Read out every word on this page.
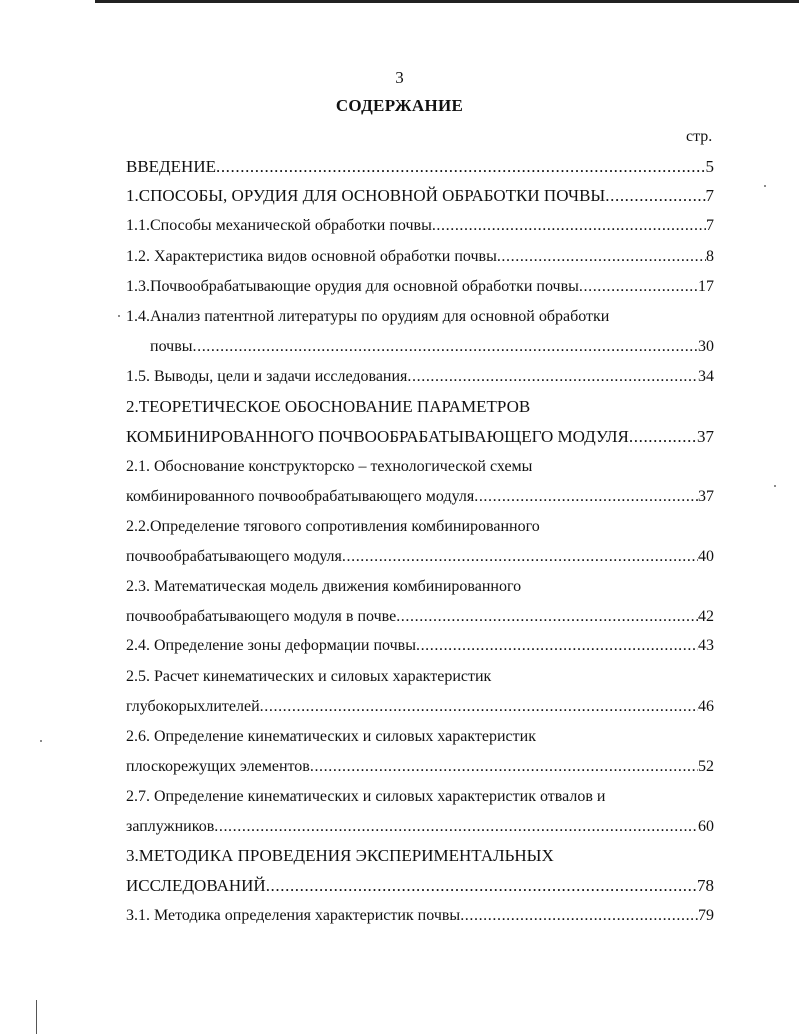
3
СОДЕРЖАНИЕ
стр.
ВВЕДЕНИЕ .....	5
1.СПОСОБЫ, ОРУДИЯ ДЛЯ ОСНОВНОЙ ОБРАБОТКИ ПОЧВЫ .....	7
1.1.Способы механической обработки почвы .....	7
1.2. Характеристика видов основной обработки почвы .....	8
1.3.Почвообрабатывающие орудия для основной обработки почвы .....	17
1.4.Анализ патентной литературы по орудиям для основной обработки
почвы .....	30
1.5. Выводы, цели и задачи исследования .....	34
2.ТЕОРЕТИЧЕСКОЕ ОБОСНОВАНИЕ ПАРАМЕТРОВ
КОМБИНИРОВАННОГО ПОЧВООБРАБАТЫВАЮЩЕГО МОДУЛЯ .....	37
2.1. Обоснование конструкторско – технологической схемы
комбинированного почвообрабатывающего модуля .....	37
2.2.Определение тягового сопротивления комбинированного
почвообрабатывающего модуля .....	40
2.3. Математическая модель движения комбинированного
почвообрабатывающего модуля в почве .....	42
2.4. Определение зоны деформации почвы .....	43
2.5. Расчет кинематических и силовых характеристик
глубокорыхлителей .....	46
2.6. Определение кинематических и силовых характеристик
плоскорежущих элементов .....	52
2.7. Определение кинематических и силовых характеристик отвалов и
заплужников .....	60
3.МЕТОДИКА ПРОВЕДЕНИЯ ЭКСПЕРИМЕНТАЛЬНЫХ
ИССЛЕДОВАНИЙ .....	78
3.1. Методика определения характеристик почвы .....	79
